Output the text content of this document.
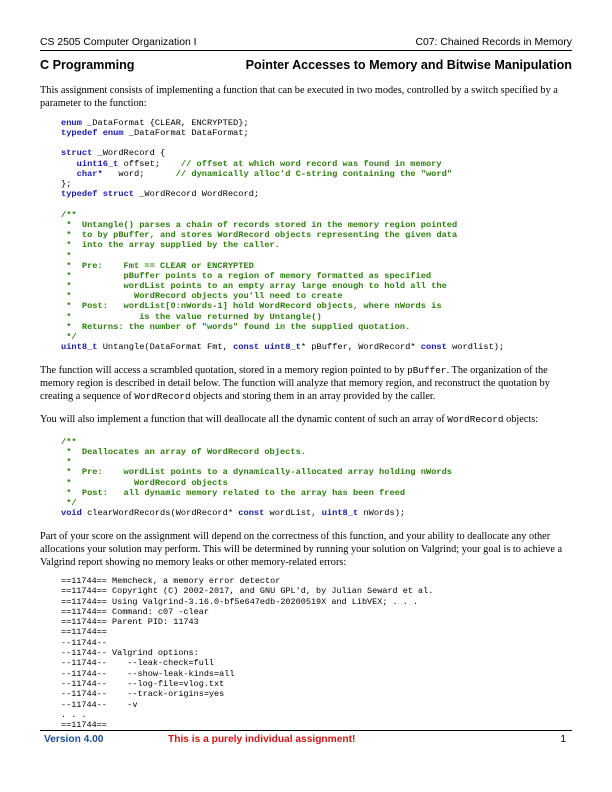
CS 2505 Computer Organization I	C07: Chained Records in Memory
C Programming	Pointer Accesses to Memory and Bitwise Manipulation

This assignment consists of implementing a function that can be executed in two modes, controlled by a switch specified by a parameter to the function:

enum _DataFormat {CLEAR, ENCRYPTED};
typedef enum _DataFormat DataFormat;

struct _WordRecord {
uint16_t offset;    // offset at which word record was found in memory
char*   word;      // dynamically alloc'd C-string containing the "word"
};
typedef struct _WordRecord WordRecord;
/**
*  Untangle() parses a chain of records stored in the memory region pointed
*  to by pBuffer, and stores WordRecord objects representing the given data
*  into the array supplied by the caller.
*
*  Pre:    Fmt == CLEAR or ENCRYPTED
*          pBuffer points to a region of memory formatted as specified
*          wordList points to an empty array large enough to hold all the
*            WordRecord objects you'll need to create
*  Post:   wordList[0:nWords-1] hold WordRecord objects, where nWords is
*             is the value returned by Untangle()
*  Returns: the number of "words" found in the supplied quotation.
*/
uint8_t Untangle(DataFormat Fmt, const uint8_t* pBuffer, WordRecord* const wordlist);

The function will access a scrambled quotation, stored in a memory region pointed to by pBuffer. The organization of the memory region is described in detail below. The function will analyze that memory region, and reconstruct the quotation by creating a sequence of WordRecord objects and storing them in an array provided by the caller.

You will also implement a function that will deallocate all the dynamic content of such an array of WordRecord objects:

/**
*  Deallocates an array of WordRecord objects.
*
*  Pre:    wordList points to a dynamically-allocated array holding nWords
*            WordRecord objects
*  Post:   all dynamic memory related to the array has been freed
*/
void clearWordRecords(WordRecord* const wordList, uint8_t nWords);

Part of your score on the assignment will depend on the correctness of this function, and your ability to deallocate any other allocations your solution may perform. This will be determined by running your solution on Valgrind; your goal is to achieve a Valgrind report showing no memory leaks or other memory-related errors:

==11744== Memcheck, a memory error detector
==11744== Copyright (C) 2002-2017, and GNU GPL'd, by Julian Seward et al.
==11744== Using Valgrind-3.16.0-bf5e647edb-20200519X and LibVEX; . . .
==11744== Command: c07 -clear
==11744== Parent PID: 11743
==11744==
--11744--
--11744-- Valgrind options:
--11744--    --leak-check=full
--11744--    --show-leak-kinds=all
--11744--    --log-file=vlog.txt
--11744--    --track-origins=yes
--11744--    -v
. . .
==11744==
Version 4.00	This is a purely individual assignment!	1
